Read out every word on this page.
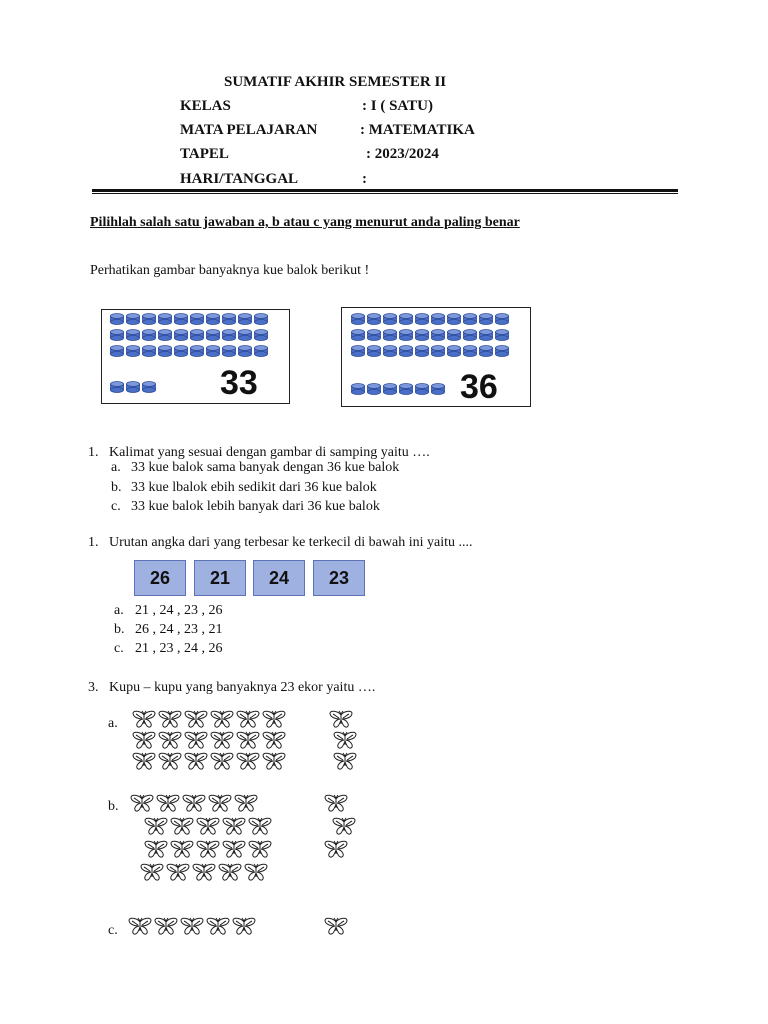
SUMATIF AKHIR SEMESTER II
KELAS	: I ( SATU)
MATA PELAJARAN	: MATEMATIKA
TAPEL	: 2023/2024
HARI/TANGGAL	:
Pilihlah salah satu jawaban a, b atau c yang menurut anda paling benar
Perhatikan gambar banyaknya kue balok berikut !
33	36
1. Kalimat yang sesuai dengan gambar di samping yaitu ….
a. 33 kue balok sama banyak dengan 36 kue balok
b. 33 kue lbalok ebih sedikit dari 36 kue balok
c. 33 kue balok lebih banyak dari 36 kue balok
1. Urutan angka dari yang terbesar ke terkecil di bawah ini yaitu ....
26	21	24	23
a. 21 , 24 , 23 , 26
b. 26 , 24 , 23 , 21
c. 21 , 23 , 24 , 26
3. Kupu – kupu yang banyaknya 23 ekor yaitu ….
a.
b.
c.
